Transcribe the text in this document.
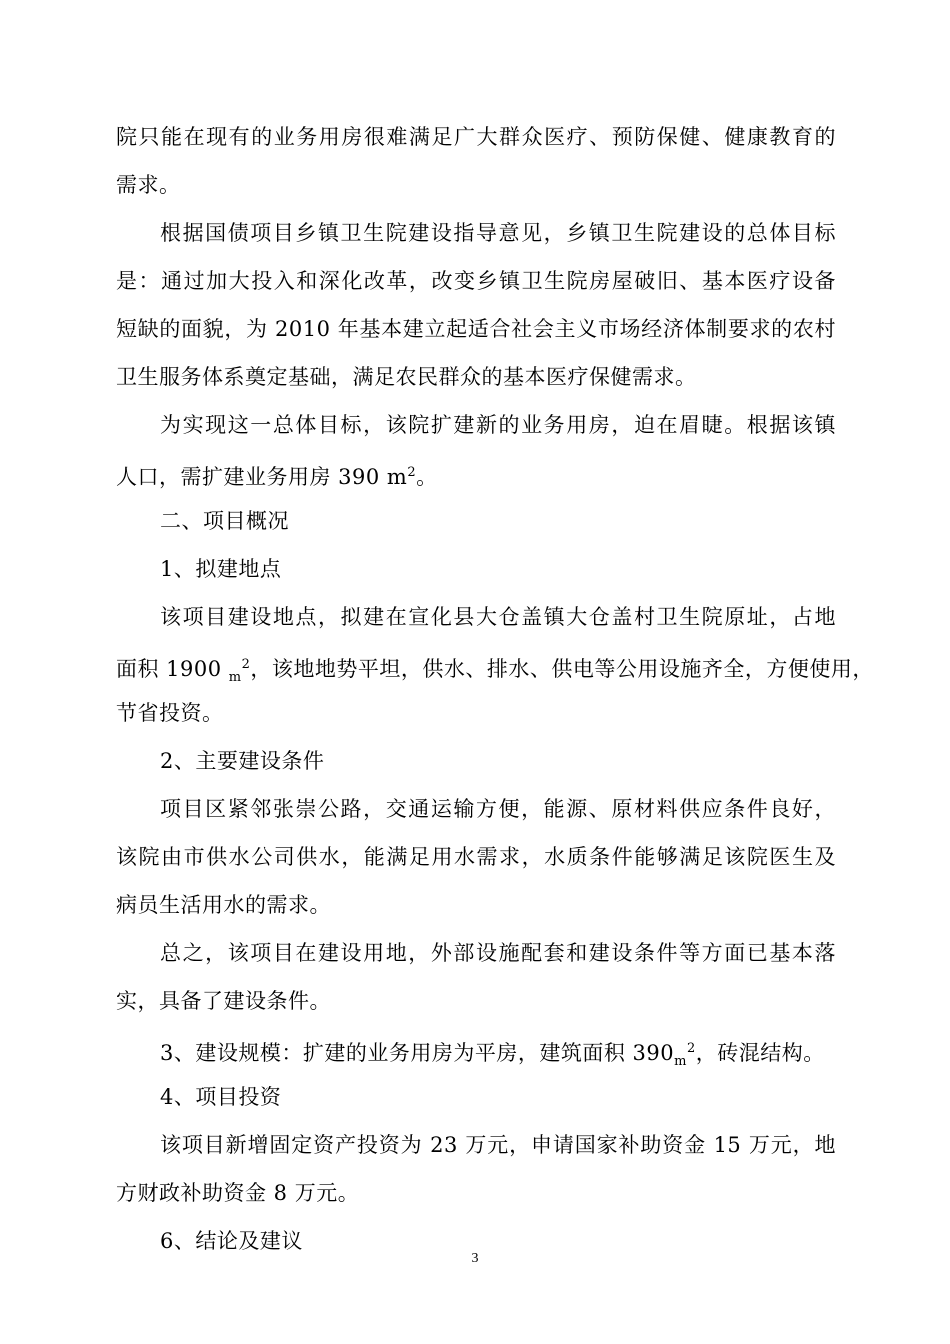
院只能在现有的业务用房很难满足广大群众医疗、预防保健、健康教育的
需求。
根据国债项目乡镇卫生院建设指导意见，乡镇卫生院建设的总体目标
是：通过加大投入和深化改革，改变乡镇卫生院房屋破旧、基本医疗设备
短缺的面貌，为 2010 年基本建立起适合社会主义市场经济体制要求的农村
卫生服务体系奠定基础，满足农民群众的基本医疗保健需求。
为实现这一总体目标，该院扩建新的业务用房，迫在眉睫。根据该镇
人口，需扩建业务用房 390 $m^2$。
二、项目概况
1、拟建地点
该项目建设地点，拟建在宣化县大仓盖镇大仓盖村卫生院原址，占地
面积 1900 $_m^2$，该地地势平坦，供水、排水、供电等公用设施齐全，方便使用，
节省投资。
2、主要建设条件
项目区紧邻张崇公路，交通运输方便，能源、原材料供应条件良好，
该院由市供水公司供水，能满足用水需求，水质条件能够满足该院医生及
病员生活用水的需求。
总之，该项目在建设用地，外部设施配套和建设条件等方面已基本落
实，具备了建设条件。
3、建设规模：扩建的业务用房为平房，建筑面积 $390_m^2$，砖混结构。
4、项目投资
该项目新增固定资产投资为 23 万元，申请国家补助资金 15 万元，地
方财政补助资金 8 万元。
6、结论及建议
3
